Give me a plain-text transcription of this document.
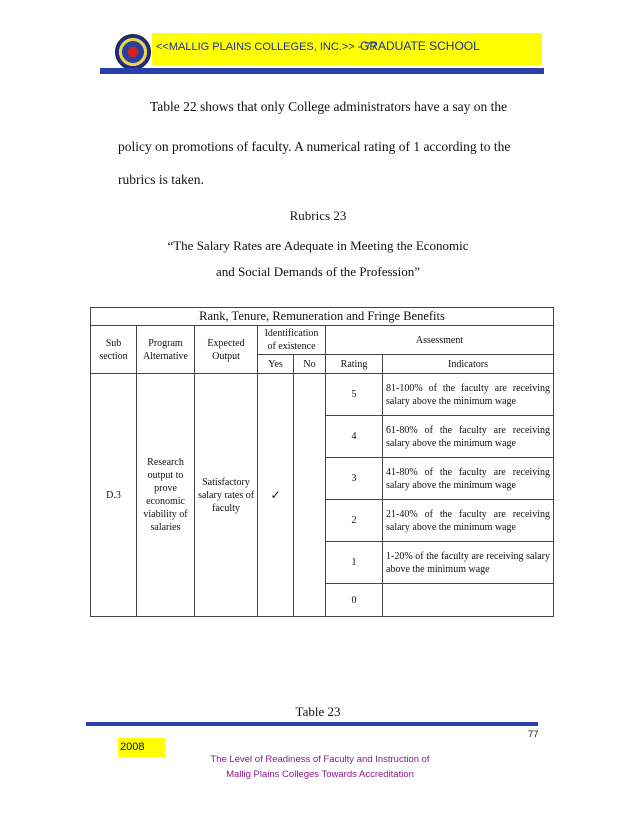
<<MALLIG PLAINS COLLEGES, INC.>> - 77 -
GRADUATE SCHOOL
Table 22 shows that only College administrators have a say on the
policy on promotions of faculty. A numerical rating of 1 according to the
rubrics is taken.
Rubrics 23
“The Salary Rates are Adequate in Meeting the Economic
and Social Demands of the Profession”
Rank, Tenure, Remuneration and Fringe Benefits						
Sub section	Program Alternative	Expected Output	Identification of existence		Assessment	
			Yes	No	Rating	Indicators
D.3	Research output to prove economic viability of salaries	Satisfactory salary rates of faculty	✓		5	81-100% of the faculty are receiving salary above the minimum wage
					4	61-80% of the faculty are receiving salary above the minimum wage
					3	41-80% of the faculty are receiving salary above the minimum wage
					2	21-40% of the faculty are receiving salary above the minimum wage
					1	1-20% of the faculty are receiving salary above the minimum wage
					0	
Table 23
77
2008
The Level of Readiness of Faculty and Instruction of
Mallig Plains Colleges Towards Accreditation
